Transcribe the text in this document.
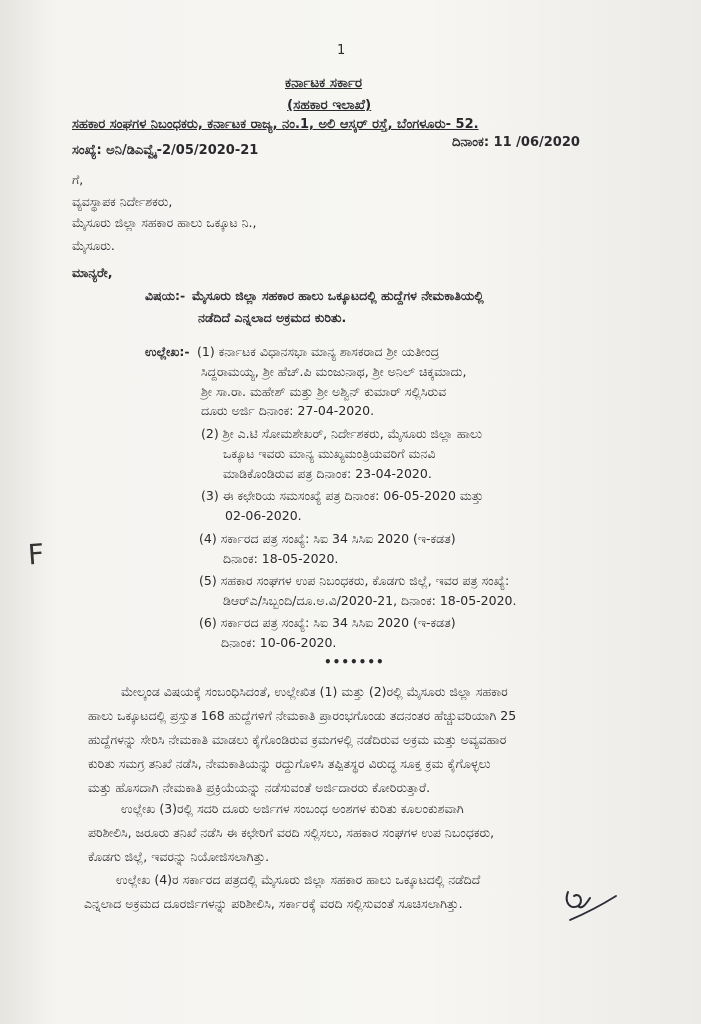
1
ಕರ್ನಾಟಕ ಸರ್ಕಾರ
(ಸಹಕಾರ ಇಲಾಖೆ)
ಸಹಕಾರ ಸಂಘಗಳ ನಿಬಂಧಕರು, ಕರ್ನಾಟಕ ರಾಜ್ಯ, ನಂ.1, ಅಲಿ ಆಸ್ಕರ್ ರಸ್ತೆ, ಬೆಂಗಳೂರು- 52.
ಸಂಖ್ಯೆ: ಅನಿ/ಡಿಎವ್ವೈ-2/05/2020-21
ದಿನಾಂಕ: 11 /06/2020
ಗೆ,
ವ್ಯವಸ್ಥಾಪಕ ನಿರ್ದೇಶಕರು,
ಮೈಸೂರು ಜಿಲ್ಲಾ ಸಹಕಾರ ಹಾಲು ಒಕ್ಕೂಟ ನಿ.,
ಮೈಸೂರು.
ಮಾನ್ಯರೇ,
ವಿಷಯ:- ಮೈಸೂರು ಜಿಲ್ಲಾ ಸಹಕಾರ ಹಾಲು ಒಕ್ಕೂಟದಲ್ಲಿ ಹುದ್ದೆಗಳ ನೇಮಕಾತಿಯಲ್ಲಿ
ನಡೆದಿದೆ ಎನ್ನಲಾದ ಅಕ್ರಮದ ಕುರಿತು.
ಉಲ್ಲೇಖ:- (1) ಕರ್ನಾಟಕ ವಿಧಾನಸಭಾ ಮಾನ್ಯ ಶಾಸಕರಾದ ಶ್ರೀ ಯತೀಂದ್ರ
ಸಿದ್ದರಾಮಯ್ಯ, ಶ್ರೀ ಹೆಚ್.ಪಿ ಮಂಜುನಾಥ, ಶ್ರೀ ಅನಿಲ್ ಚಿಕ್ಕಮಾದು,
ಶ್ರೀ ಸಾ.ರಾ. ಮಹೇಶ್ ಮತ್ತು ಶ್ರೀ ಅಶ್ವಿನ್ ಕುಮಾರ್ ಸಲ್ಲಿಸಿರುವ
ದೂರು ಅರ್ಜಿ ದಿನಾಂಕ: 27-04-2020.
(2) ಶ್ರೀ ಎ.ಟಿ ಸೋಮಶೇಖರ್, ನಿರ್ದೇಶಕರು, ಮೈಸೂರು ಜಿಲ್ಲಾ ಹಾಲು
ಒಕ್ಕೂಟ ಇವರು ಮಾನ್ಯ ಮುಖ್ಯಮಂತ್ರಿಯವರಿಗೆ ಮನವಿ
ಮಾಡಿಕೊಂಡಿರುವ ಪತ್ರ ದಿನಾಂಕ: 23-04-2020.
(3) ಈ ಕಛೇರಿಯ ಸಮಸಂಖ್ಯೆ ಪತ್ರ ದಿನಾಂಕ: 06-05-2020 ಮತ್ತು
02-06-2020.
(4) ಸರ್ಕಾರದ ಪತ್ರ ಸಂಖ್ಯೆ: ಸಿಐ 34 ಸಿಸಿಐ 2020 (ಇ-ಕಡತ)
ದಿನಾಂಕ: 18-05-2020.
(5) ಸಹಕಾರ ಸಂಘಗಳ ಉಪ ನಿಬಂಧಕರು, ಕೊಡಗು ಜಿಲ್ಲೆ, ಇವರ ಪತ್ರ ಸಂಖ್ಯೆ:
ಡಿಆರ್‌ಎ/ಸಿಬ್ಬಂದಿ/ದೂ.ಅ.ವಿ/2020-21, ದಿನಾಂಕ: 18-05-2020.
(6) ಸರ್ಕಾರದ ಪತ್ರ ಸಂಖ್ಯೆ: ಸಿಐ 34 ಸಿಸಿಐ 2020 (ಇ-ಕಡತ)
ದಿನಾಂಕ: 10-06-2020.
•••••••
F
ಮೇಲ್ಕಂಡ ವಿಷಯಕ್ಕೆ ಸಂಬಂಧಿಸಿದಂತೆ, ಉಲ್ಲೇಖಿತ (1) ಮತ್ತು (2)ರಲ್ಲಿ ಮೈಸೂರು ಜಿಲ್ಲಾ ಸಹಕಾರ
ಹಾಲು ಒಕ್ಕೂಟದಲ್ಲಿ ಪ್ರಸ್ತುತ 168 ಹುದ್ದೆಗಳಿಗೆ ನೇಮಕಾತಿ ಪ್ರಾರಂಭಗೊಂಡು ತದನಂತರ ಹೆಚ್ಚುವರಿಯಾಗಿ 25
ಹುದ್ದೆಗಳನ್ನು ಸೇರಿಸಿ ನೇಮಕಾತಿ ಮಾಡಲು ಕೈಗೊಂಡಿರುವ ಕ್ರಮಗಳಲ್ಲಿ ನಡೆದಿರುವ ಅಕ್ರಮ ಮತ್ತು ಅವ್ಯವಹಾರ
ಕುರಿತು ಸಮಗ್ರ ತನಿಖೆ ನಡೆಸಿ, ನೇಮಕಾತಿಯನ್ನು ರದ್ದುಗೊಳಿಸಿ ತಪ್ಪಿತಸ್ಥರ ವಿರುದ್ಧ ಸೂಕ್ತ ಕ್ರಮ ಕೈಗೊಳ್ಳಲು
ಮತ್ತು ಹೊಸದಾಗಿ ನೇಮಕಾತಿ ಪ್ರಕ್ರಿಯೆಯನ್ನು ನಡೆಸುವಂತೆ ಅರ್ಜಿದಾರರು ಕೋರಿರುತ್ತಾರೆ.
ಉಲ್ಲೇಖ (3)ರಲ್ಲಿ ಸದರಿ ದೂರು ಅರ್ಜಿಗಳ ಸಂಬಂಧ ಅಂಶಗಳ ಕುರಿತು ಕೂಲಂಕುಶವಾಗಿ
ಪರಿಶೀಲಿಸಿ, ಜರೂರು ತನಿಖೆ ನಡೆಸಿ ಈ ಕಛೇರಿಗೆ ವರದಿ ಸಲ್ಲಿಸಲು, ಸಹಕಾರ ಸಂಘಗಳ ಉಪ ನಿಬಂಧಕರು,
ಕೊಡಗು ಜಿಲ್ಲೆ, ಇವರನ್ನು ನಿಯೋಜಿಸಲಾಗಿತ್ತು.
ಉಲ್ಲೇಖ (4)ರ ಸರ್ಕಾರದ ಪತ್ರದಲ್ಲಿ ಮೈಸೂರು ಜಿಲ್ಲಾ ಸಹಕಾರ ಹಾಲು ಒಕ್ಕೂಟದಲ್ಲಿ ನಡೆದಿದೆ
ಎನ್ನಲಾದ ಅಕ್ರಮದ ದೂರರ್ಜಿಗಳನ್ನು ಪರಿಶೀಲಿಸಿ, ಸರ್ಕಾರಕ್ಕೆ ವರದಿ ಸಲ್ಲಿಸುವಂತೆ ಸೂಚಿಸಲಾಗಿತ್ತು.
